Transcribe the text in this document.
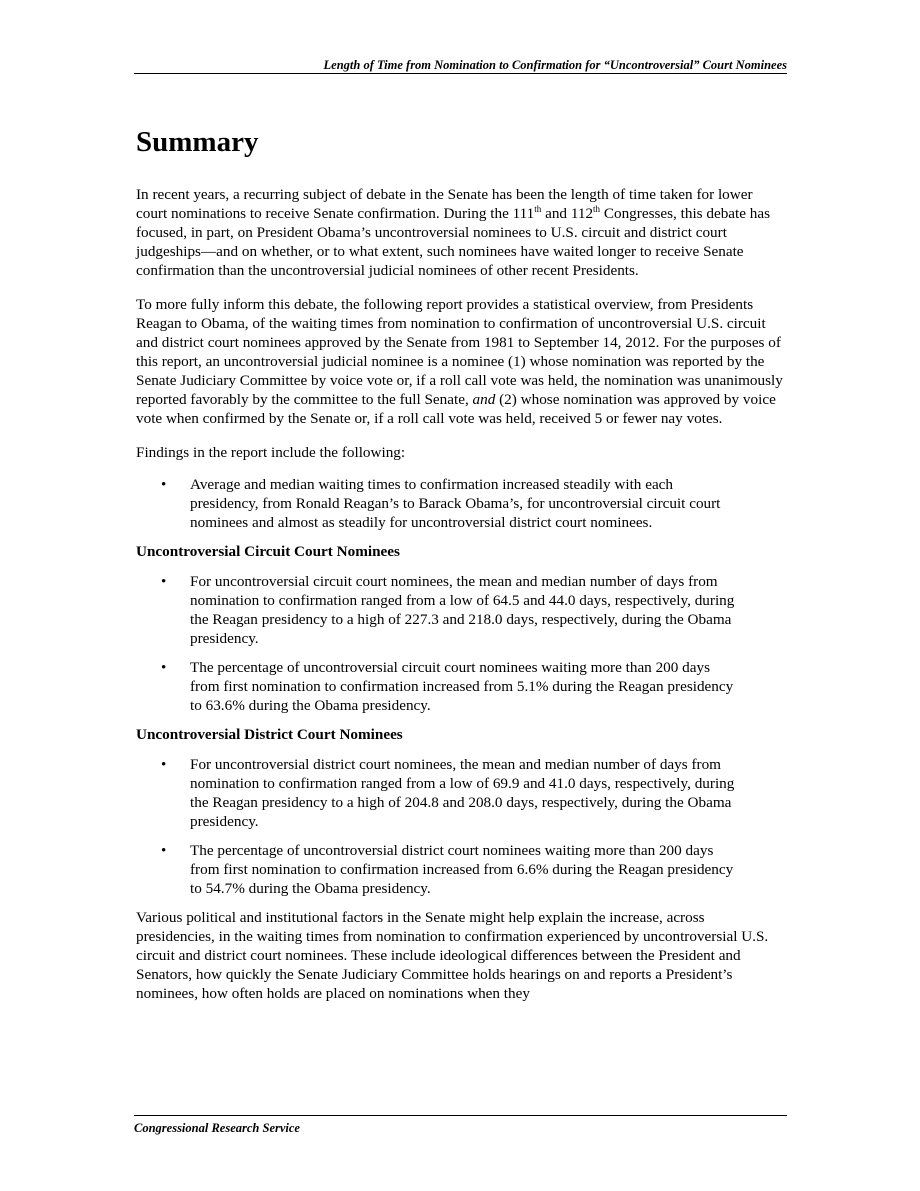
Length of Time from Nomination to Confirmation for “Uncontroversial” Court Nominees
Summary

In recent years, a recurring subject of debate in the Senate has been the length of time taken for lower court nominations to receive Senate confirmation. During the 111th and 112th Congresses, this debate has focused, in part, on President Obama’s uncontroversial nominees to U.S. circuit and district court judgeships—and on whether, or to what extent, such nominees have waited longer to receive Senate confirmation than the uncontroversial judicial nominees of other recent Presidents.

To more fully inform this debate, the following report provides a statistical overview, from Presidents Reagan to Obama, of the waiting times from nomination to confirmation of uncontroversial U.S. circuit and district court nominees approved by the Senate from 1981 to September 14, 2012. For the purposes of this report, an uncontroversial judicial nominee is a nominee (1) whose nomination was reported by the Senate Judiciary Committee by voice vote or, if a roll call vote was held, the nomination was unanimously reported favorably by the committee to the full Senate, and (2) whose nomination was approved by voice vote when confirmed by the Senate or, if a roll call vote was held, received 5 or fewer nay votes.

Findings in the report include the following:

• Average and median waiting times to confirmation increased steadily with each presidency, from Ronald Reagan’s to Barack Obama’s, for uncontroversial circuit court nominees and almost as steadily for uncontroversial district court nominees.
Uncontroversial Circuit Court Nominees
• For uncontroversial circuit court nominees, the mean and median number of days from nomination to confirmation ranged from a low of 64.5 and 44.0 days, respectively, during the Reagan presidency to a high of 227.3 and 218.0 days, respectively, during the Obama presidency.
• The percentage of uncontroversial circuit court nominees waiting more than 200 days from first nomination to confirmation increased from 5.1% during the Reagan presidency to 63.6% during the Obama presidency.
Uncontroversial District Court Nominees
• For uncontroversial district court nominees, the mean and median number of days from nomination to confirmation ranged from a low of 69.9 and 41.0 days, respectively, during the Reagan presidency to a high of 204.8 and 208.0 days, respectively, during the Obama presidency.
• The percentage of uncontroversial district court nominees waiting more than 200 days from first nomination to confirmation increased from 6.6% during the Reagan presidency to 54.7% during the Obama presidency.

Various political and institutional factors in the Senate might help explain the increase, across presidencies, in the waiting times from nomination to confirmation experienced by uncontroversial U.S. circuit and district court nominees. These include ideological differences between the President and Senators, how quickly the Senate Judiciary Committee holds hearings on and reports a President’s nominees, how often holds are placed on nominations when they

Congressional Research Service
